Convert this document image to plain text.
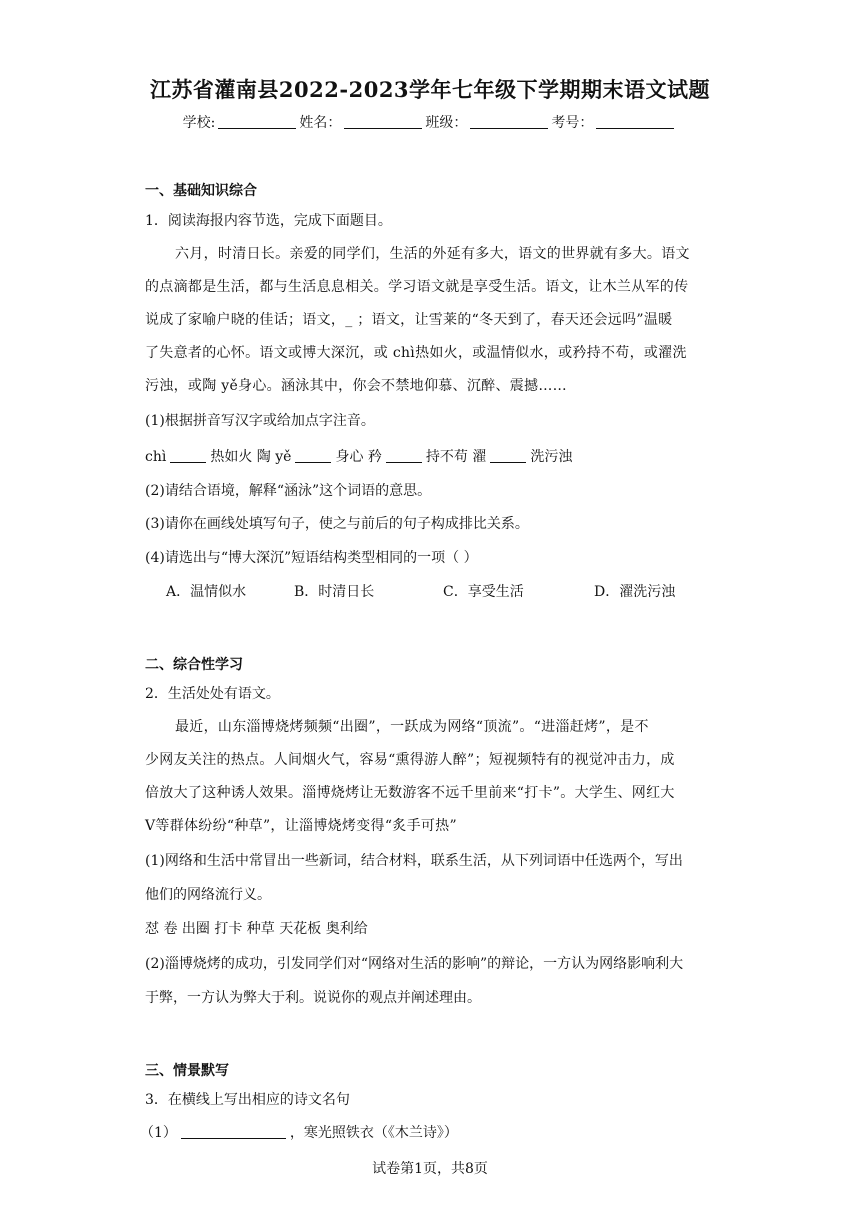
江苏省灌南县2022-2023学年七年级下学期期末语文试题
学校:	姓名：	班级：	考号：
一、基础知识综合
1．阅读海报内容节选，完成下面题目。
六月，时清日长。亲爱的同学们，生活的外延有多大，语文的世界就有多大。语文
的点滴都是生活，都与生活息息相关。学习语文就是享受生活。语文，让木兰从军的传
说成了家喻户晓的佳话；语文，_ ；语文，让雪莱的“冬天到了，春天还会远吗”温暖
了失意者的心怀。语文或博大深沉，或 chì热如火，或温情似水，或矜持不苟，或濯洗
污浊，或陶 yě身心。涵泳其中，你会不禁地仰慕、沉醉、震撼……
(1)根据拼音写汉字或给加点字注音。
chì	热如火 陶 yě	身心 矜	持不苟 濯	洗污浊
(2)请结合语境，解释“涵泳”这个词语的意思。
(3)请你在画线处填写句子，使之与前后的句子构成排比关系。
(4)请选出与“博大深沉”短语结构类型相同的一项（ ）
A．温情似水	B．时清日长	C．享受生活	D．濯洗污浊
二、综合性学习
2．生活处处有语文。
最近，山东淄博烧烤频频“出圈”，一跃成为网络“顶流”。“进淄赶烤”，是不
少网友关注的热点。人间烟火气，容易“熏得游人醉”；短视频特有的视觉冲击力，成
倍放大了这种诱人效果。淄博烧烤让无数游客不远千里前来“打卡”。大学生、网红大
V等群体纷纷“种草”，让淄博烧烤变得“炙手可热”
(1)网络和生活中常冒出一些新词，结合材料，联系生活，从下列词语中任选两个，写出
他们的网络流行义。
怼 卷 出圈 打卡 种草 天花板 奥利给
(2)淄博烧烤的成功，引发同学们对“网络对生活的影响”的辩论，一方认为网络影响利大
于弊，一方认为弊大于利。说说你的观点并阐述理由。
三、情景默写
3．在横线上写出相应的诗文名句
（1）	，寒光照铁衣（《木兰诗》）
试卷第1页，共8页
